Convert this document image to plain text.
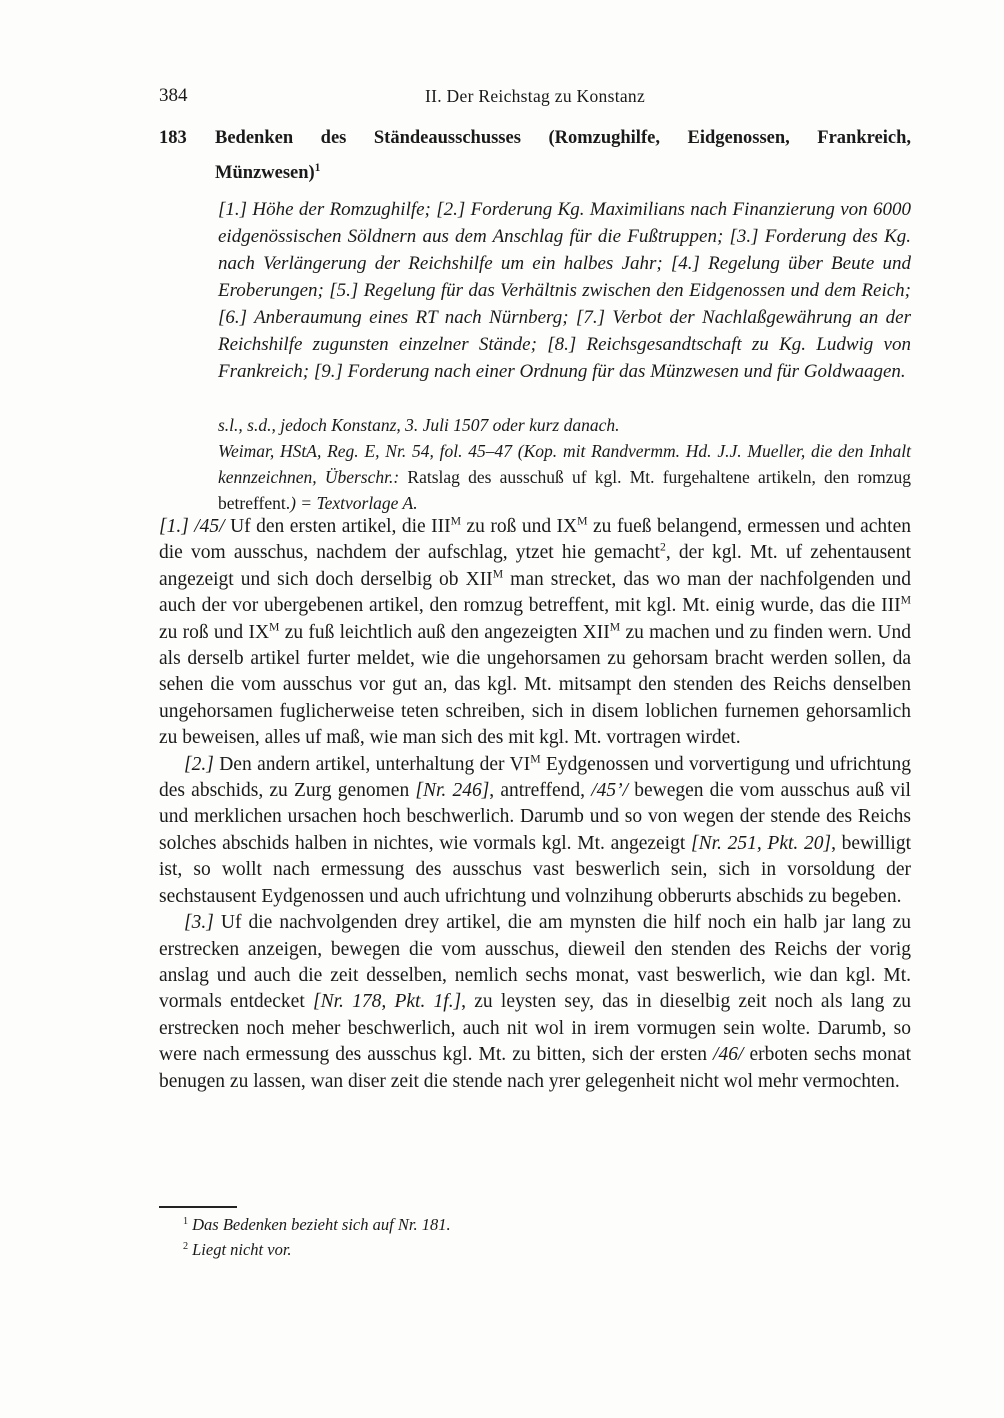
384	II. Der Reichstag zu Konstanz
183 Bedenken des Ständeausschusses (Romzughilfe, Eidgenossen, Frankreich,
Münzwesen)$^1$
[1.] Höhe der Romzughilfe; [2.] Forderung Kg. Maximilians nach Finanzierung von 6000 eidgenössischen Söldnern aus dem Anschlag für die Fußtruppen; [3.] Forderung des Kg. nach Verlängerung der Reichshilfe um ein halbes Jahr; [4.] Regelung über Beute und Eroberungen; [5.] Regelung für das Verhältnis zwischen den Eidgenossen und dem Reich; [6.] Anberaumung eines RT nach Nürnberg; [7.] Verbot der Nachlaßgewährung an der Reichshilfe zugunsten einzelner Stände; [8.] Reichsgesandtschaft zu Kg. Ludwig von Frankreich; [9.] Forderung nach einer Ordnung für das Münzwesen und für Goldwaagen.

s.l., s.d., jedoch Konstanz, 3. Juli 1507 oder kurz danach.

Weimar, HStA, Reg. E, Nr. 54, fol. 45–47 (Kop. mit Randvermm. Hd. J.J. Mueller, die den Inhalt kennzeichnen, Überschr.: Ratslag des ausschuß uf kgl. Mt. furgehaltene artikeln, den romzug betreffent.) = Textvorlage A.

[1.] /45/ Uf den ersten artikel, die $III^M$ zu roß und $IX^M$ zu fueß belangend, ermessen und achten die vom ausschus, nachdem der aufschlag, ytzet hie gemacht$^2$, der kgl. Mt. uf zehentausent angezeigt und sich doch derselbig ob $XII^M$ man strecket, das wo man der nachfolgenden und auch der vor ubergebenen artikel, den romzug betreffent, mit kgl. Mt. einig wurde, das die $III^M$ zu roß und $IX^M$ zu fuß leichtlich auß den angezeigten $XII^M$ zu machen und zu finden wern. Und als derselb artikel furter meldet, wie die ungehorsamen zu gehorsam bracht werden sollen, da sehen die vom ausschus vor gut an, das kgl. Mt. mitsampt den stenden des Reichs denselben ungehorsamen fuglicherweise teten schreiben, sich in disem loblichen furnemen gehorsamlich zu beweisen, alles uf maß, wie man sich des mit kgl. Mt. vortragen wirdet.

[2.] Den andern artikel, unterhaltung der $VI^M$ Eydgenossen und vorvertigung und ufrichtung des abschids, zu Zurg genomen [Nr. 246], antreffend, /45’/ bewegen die vom ausschus auß vil und merklichen ursachen hoch beschwerlich. Darumb und so von wegen der stende des Reichs solches abschids halben in nichtes, wie vormals kgl. Mt. angezeigt [Nr. 251, Pkt. 20], bewilligt ist, so wollt nach ermessung des ausschus vast beswerlich sein, sich in vorsoldung der sechstausent Eydgenossen und auch ufrichtung und volnzihung obberurts abschids zu begeben.

[3.] Uf die nachvolgenden drey artikel, die am mynsten die hilf noch ein halb jar lang zu erstrecken anzeigen, bewegen die vom ausschus, dieweil den stenden des Reichs der vorig anslag und auch die zeit desselben, nemlich sechs monat, vast beswerlich, wie dan kgl. Mt. vormals entdecket [Nr. 178, Pkt. 1f.], zu leysten sey, das in dieselbig zeit noch als lang zu erstrecken noch meher beschwerlich, auch nit wol in irem vormugen sein wolte. Darumb, so were nach ermessung des ausschus kgl. Mt. zu bitten, sich der ersten /46/ erboten sechs monat benugen zu lassen, wan diser zeit die stende nach yrer gelegenheit nicht wol mehr vermochten.

$^1$ Das Bedenken bezieht sich auf Nr. 181.

$^2$ Liegt nicht vor.
